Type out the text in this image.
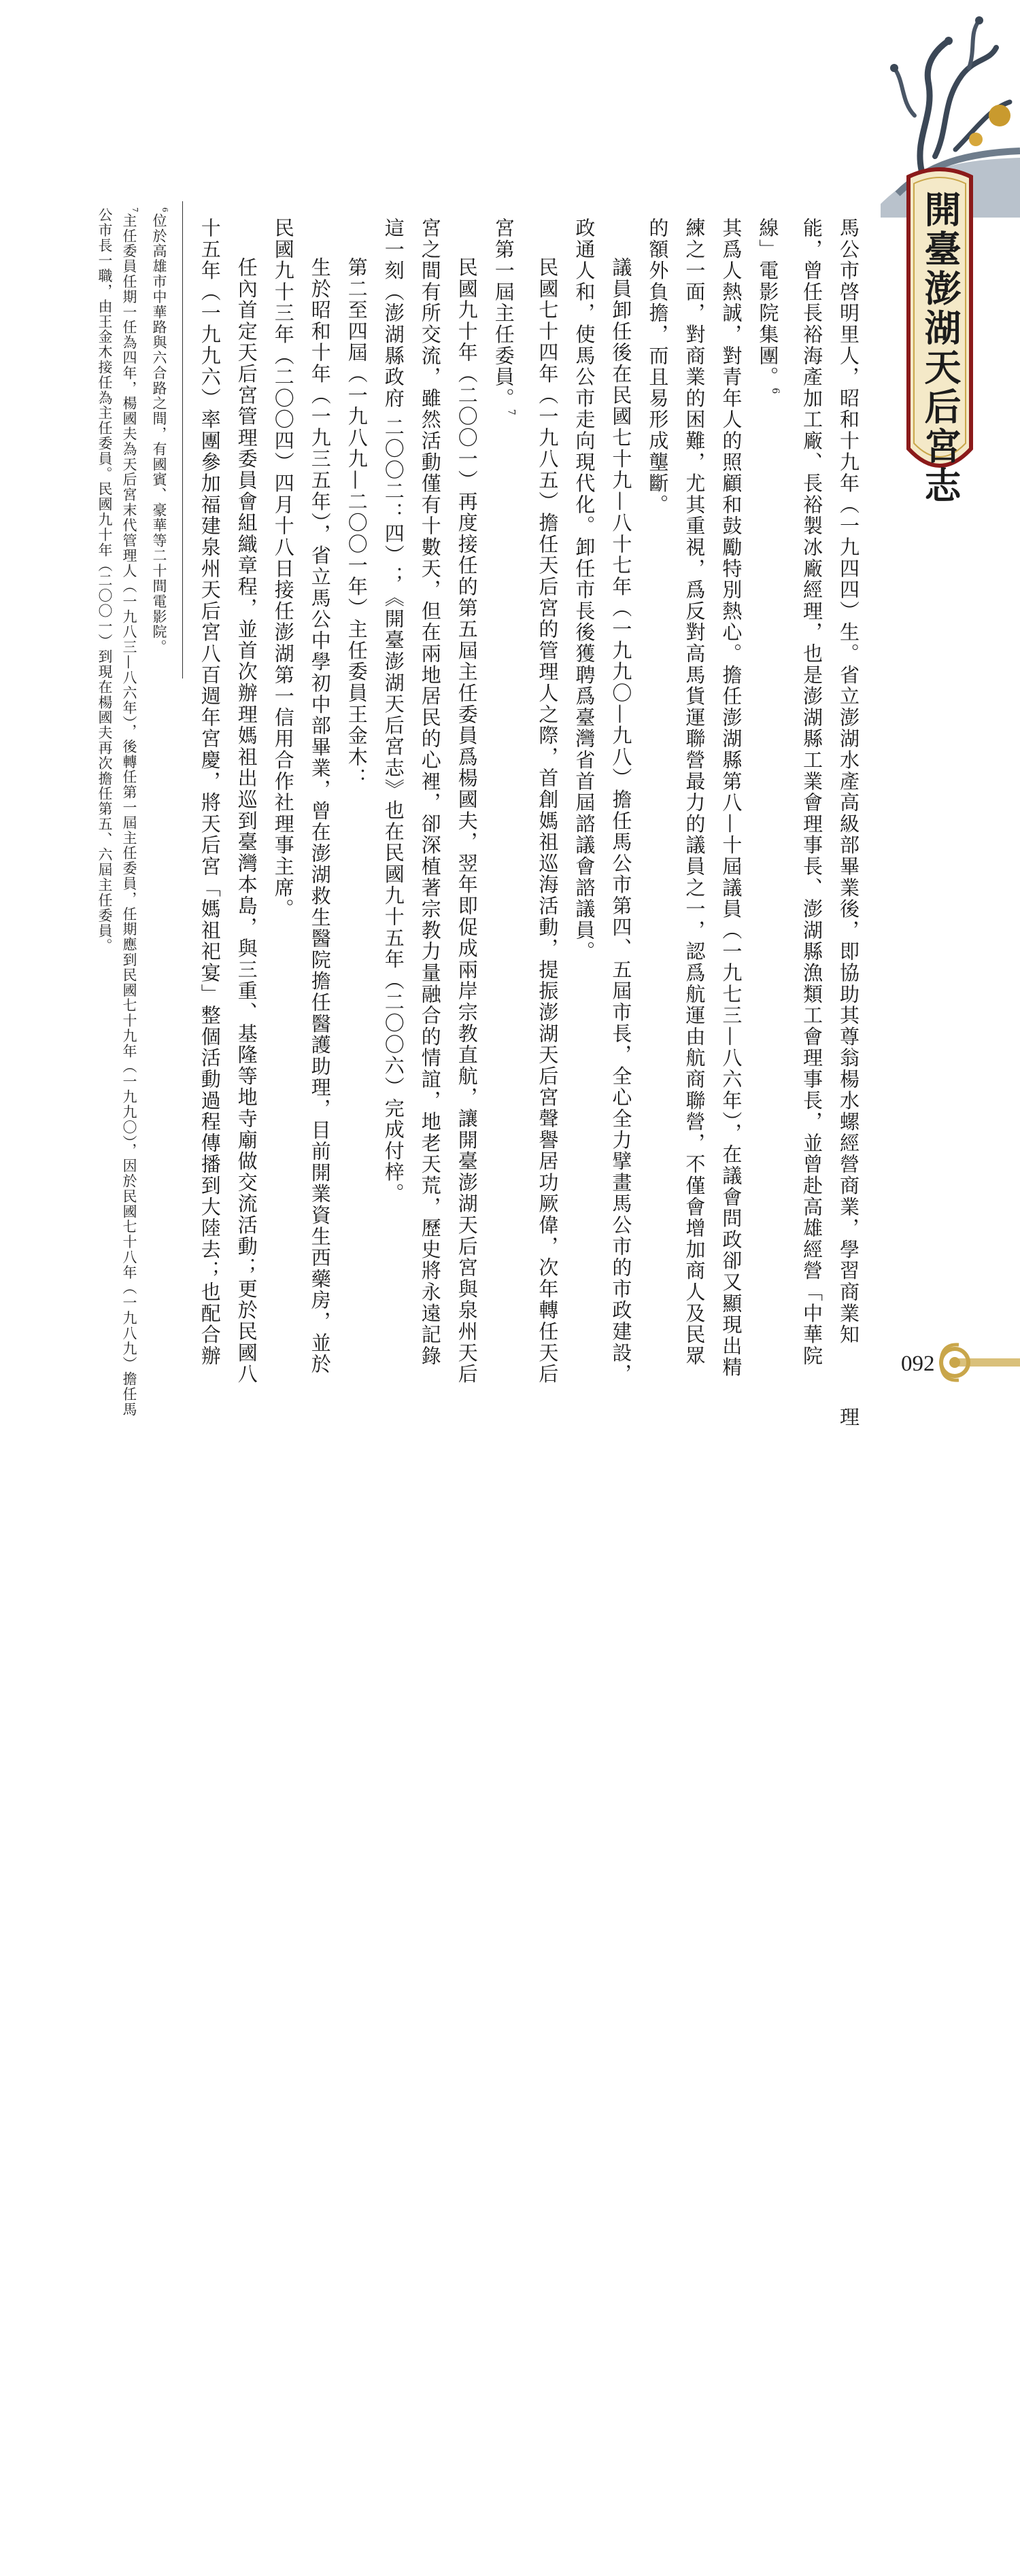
開臺澎湖天后宮志

馬公市啓明里人，昭和十九年（一九四四）生。省立澎湖水產高級部畢業後，即協助其尊翁楊水螺經營商業，學習商業知能，曾任長裕海產加工廠、長裕製冰廠經理，也是澎湖縣工業會理事長、澎湖縣漁類工會理事長，並曾赴高雄經營「中華院線」電影院集團。$^6$

其爲人熱誠，對青年人的照顧和鼓勵特別熱心。擔任澎湖縣第八—十屆議員（一九七三—八六年），在議會問政卻又顯現出精練之一面，對商業的困難，尤其重視，爲反對高馬貨運聯營最力的議員之一，認爲航運由航商聯營，不僅會增加商人及民眾的額外負擔，而且易形成壟斷。

議員卸任後在民國七十九—八十七年（一九九〇—九八）擔任馬公市第四、五屆市長，全心全力擘畫馬公市的市政建設，政通人和，使馬公市走向現代化。卸任市長後獲聘爲臺灣省首屆諮議會諮議員。

民國七十四年（一九八五）擔任天后宮的管理人之際，首創媽祖巡海活動，提振澎湖天后宮聲譽居功厥偉，次年轉任天后宮第一屆主任委員。$^7$

民國九十年（二〇〇一）再度接任的第五屆主任委員爲楊國夫，翌年即促成兩岸宗教直航，讓開臺澎湖天后宮與泉州天后宮之間有所交流，雖然活動僅有十數天，但在兩地居民的心裡，卻深植著宗教力量融合的情誼，地老天荒，歷史將永遠記錄這一刻（澎湖縣政府 二〇〇二：四）；《開臺澎湖天后宮志》也在民國九十五年（二〇〇六）完成付梓。

第二至四屆（一九八九—二〇〇一年）主任委員王金木：

生於昭和十年（一九三五年），省立馬公中學初中部畢業，曾在澎湖救生醫院擔任醫護助理，目前開業資生西藥房，並於民國九十三年（二〇〇四）四月十八日接任澎湖第一信用合作社理事主席。

任內首定天后宮管理委員會組織章程，並首次辦理媽祖出巡到臺灣本島，與三重、基隆等地寺廟做交流活動；更於民國八十五年（一九九六）率團參加福建泉州天后宮八百週年宮慶，將天后宮「媽祖祀宴」整個活動過程傳播到大陸去；也配合辦理

$^6$位於高雄市中華路與六合路之間，有國賓、豪華等二十間電影院。

$^7$主任委員任期一任為四年，楊國夫為天后宮末代管理人（一九八三—八六年），後轉任第一屆主任委員，任期應到民國七十九年（一九九〇），因於民國七十八年（一九八九）擔任馬公市長一職，由王金木接任為主任委員。民國九十年（二〇〇一）到現在楊國夫再次擔任第五、六屆主任委員。

092
